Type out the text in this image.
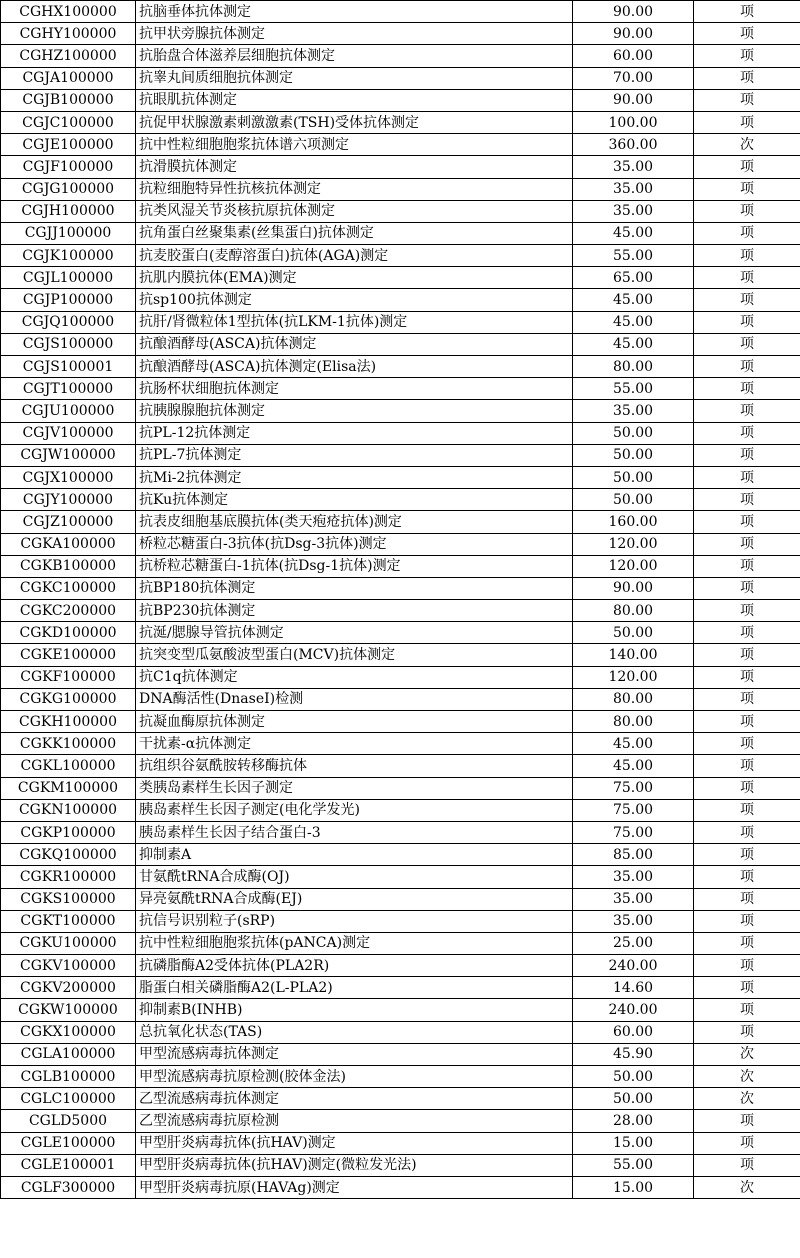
CGHX100000	抗脑垂体抗体测定	90.00	项
CGHY100000	抗甲状旁腺抗体测定	90.00	项
CGHZ100000	抗胎盘合体滋养层细胞抗体测定	60.00	项
CGJA100000	抗睾丸间质细胞抗体测定	70.00	项
CGJB100000	抗眼肌抗体测定	90.00	项
CGJC100000	抗促甲状腺激素刺激激素(TSH)受体抗体测定	100.00	项
CGJE100000	抗中性粒细胞胞浆抗体谱六项测定	360.00	次
CGJF100000	抗滑膜抗体测定	35.00	项
CGJG100000	抗粒细胞特异性抗核抗体测定	35.00	项
CGJH100000	抗类风湿关节炎核抗原抗体测定	35.00	项
CGJJ100000	抗角蛋白丝聚集素(丝集蛋白)抗体测定	45.00	项
CGJK100000	抗麦胶蛋白(麦醇溶蛋白)抗体(AGA)测定	55.00	项
CGJL100000	抗肌内膜抗体(EMA)测定	65.00	项
CGJP100000	抗sp100抗体测定	45.00	项
CGJQ100000	抗肝/肾微粒体1型抗体(抗LKM-1抗体)测定	45.00	项
CGJS100000	抗酿酒酵母(ASCA)抗体测定	45.00	项
CGJS100001	抗酿酒酵母(ASCA)抗体测定(Elisa法)	80.00	项
CGJT100000	抗肠杯状细胞抗体测定	55.00	项
CGJU100000	抗胰腺腺胞抗体测定	35.00	项
CGJV100000	抗PL-12抗体测定	50.00	项
CGJW100000	抗PL-7抗体测定	50.00	项
CGJX100000	抗Mi-2抗体测定	50.00	项
CGJY100000	抗Ku抗体测定	50.00	项
CGJZ100000	抗表皮细胞基底膜抗体(类天疱疮抗体)测定	160.00	项
CGKA100000	桥粒芯糖蛋白-3抗体(抗Dsg-3抗体)测定	120.00	项
CGKB100000	抗桥粒芯糖蛋白-1抗体(抗Dsg-1抗体)测定	120.00	项
CGKC100000	抗BP180抗体测定	90.00	项
CGKC200000	抗BP230抗体测定	80.00	项
CGKD100000	抗涎/腮腺导管抗体测定	50.00	项
CGKE100000	抗突变型瓜氨酸波型蛋白(MCV)抗体测定	140.00	项
CGKF100000	抗C1q抗体测定	120.00	项
CGKG100000	DNA酶活性(DnaseI)检测	80.00	项
CGKH100000	抗凝血酶原抗体测定	80.00	项
CGKK100000	干扰素-α抗体测定	45.00	项
CGKL100000	抗组织谷氨酰胺转移酶抗体	45.00	项
CGKM100000	类胰岛素样生长因子测定	75.00	项
CGKN100000	胰岛素样生长因子测定(电化学发光)	75.00	项
CGKP100000	胰岛素样生长因子结合蛋白-3	75.00	项
CGKQ100000	抑制素A	85.00	项
CGKR100000	甘氨酰tRNA合成酶(OJ)	35.00	项
CGKS100000	异亮氨酰tRNA合成酶(EJ)	35.00	项
CGKT100000	抗信号识别粒子(sRP)	35.00	项
CGKU100000	抗中性粒细胞胞浆抗体(pANCA)测定	25.00	项
CGKV100000	抗磷脂酶A2受体抗体(PLA2R)	240.00	项
CGKV200000	脂蛋白相关磷脂酶A2(L-PLA2)	14.60	项
CGKW100000	抑制素B(INHB)	240.00	项
CGKX100000	总抗氧化状态(TAS)	60.00	项
CGLA100000	甲型流感病毒抗体测定	45.90	次
CGLB100000	甲型流感病毒抗原检测(胶体金法)	50.00	次
CGLC100000	乙型流感病毒抗体测定	50.00	次
CGLD5000	乙型流感病毒抗原检测	28.00	项
CGLE100000	甲型肝炎病毒抗体(抗HAV)测定	15.00	项
CGLE100001	甲型肝炎病毒抗体(抗HAV)测定(微粒发光法)	55.00	项
CGLF300000	甲型肝炎病毒抗原(HAVAg)测定	15.00	次
